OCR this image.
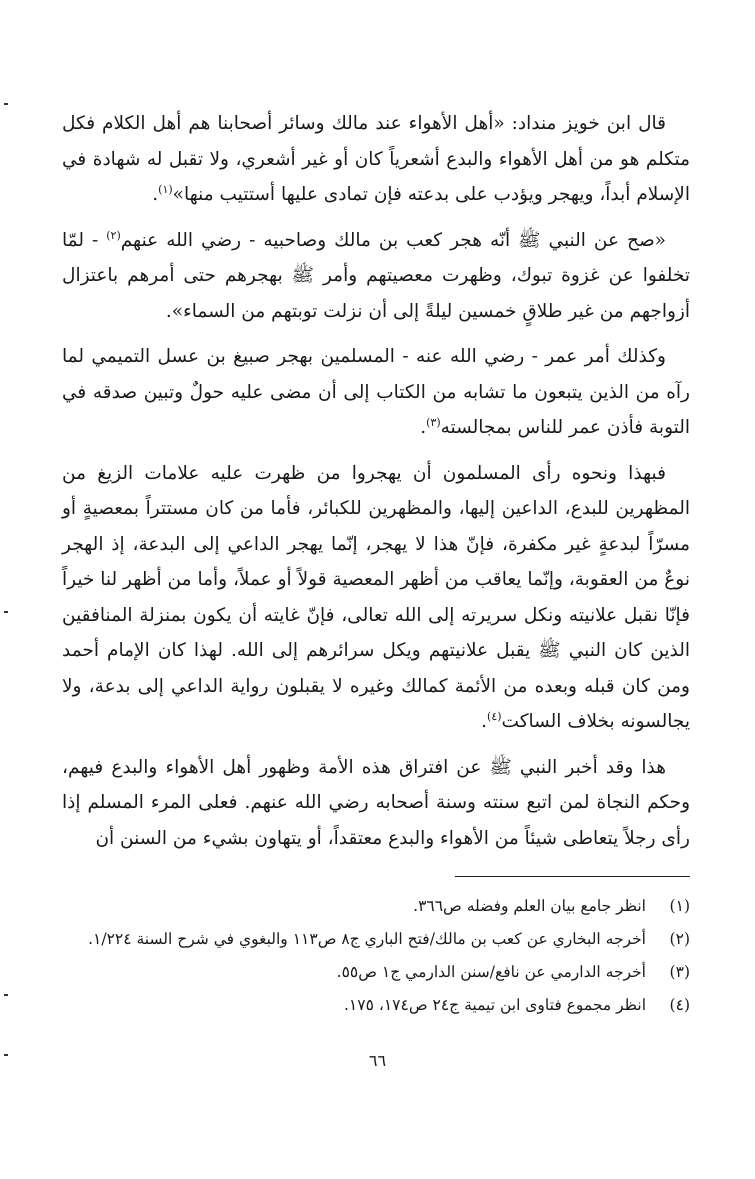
قال ابن خويز منداد: «أهل الأهواء عند مالك وسائر أصحابنا هم أهل الكلام فكل متكلم هو من أهل الأهواء والبدع أشعرياً كان أو غير أشعري، ولا تقبل له شهادة في الإسلام أبداً، ويهجر ويؤدب على بدعته فإن تمادى عليها أستتيب منها»$^{(١)}$.

«صح عن النبي ﷺ أنّه هجر كعب بن مالك وصاحبيه - رضي الله عنهم$^{(٢)}$ - لمّا تخلفوا عن غزوة تبوك، وظهرت معصيتهم وأمر ﷺ بهجرهم حتى أمرهم باعتزال أزواجهم من غير طلاقٍ خمسين ليلةً إلى أن نزلت توبتهم من السماء».

وكذلك أمر عمر - رضي الله عنه - المسلمين بهجر صبيغ بن عسل التميمي لما رآه من الذين يتبعون ما تشابه من الكتاب إلى أن مضى عليه حولٌ وتبين صدقه في التوبة فأذن عمر للناس بمجالسته$^{(٣)}$.

فبهذا ونحوه رأى المسلمون أن يهجروا من ظهرت عليه علامات الزيغ من المظهرين للبدع، الداعين إليها، والمظهرين للكبائر، فأما من كان مستتراً بمعصيةٍ أو مسرّاً لبدعةٍ غير مكفرة، فإنّ هذا لا يهجر، إنّما يهجر الداعي إلى البدعة، إذ الهجر نوعٌ من العقوبة، وإنّما يعاقب من أظهر المعصية قولاً أو عملاً، وأما من أظهر لنا خيراً فإنّا نقبل علانيته ونكل سريرته إلى الله تعالى، فإنّ غايته أن يكون بمنزلة المنافقين الذين كان النبي ﷺ يقبل علانيتهم ويكل سرائرهم إلى الله. لهذا كان الإمام أحمد ومن كان قبله وبعده من الأئمة كمالك وغيره لا يقبلون رواية الداعي إلى بدعة، ولا يجالسونه بخلاف الساكت$^{(٤)}$.

هذا وقد أخبر النبي ﷺ عن افتراق هذه الأمة وظهور أهل الأهواء والبدع فيهم، وحكم النجاة لمن اتبع سنته وسنة أصحابه رضي الله عنهم. فعلى المرء المسلم إذا رأى رجلاً يتعاطى شيئاً من الأهواء والبدع معتقداً، أو يتهاون بشيء من السنن أن

(١)
انظر جامع بيان العلم وفضله ص٣٦٦.
(٢)
أخرجه البخاري عن كعب بن مالك/فتح الباري ج٨ ص١١٣ والبغوي في شرح السنة ١/٢٢٤.
(٣)
أخرجه الدارمي عن نافع/سنن الدارمي ج١ ص٥٥.
(٤)
انظر مجموع فتاوى ابن تيمية ج٢٤ ص١٧٤، ١٧٥.
٦٦
